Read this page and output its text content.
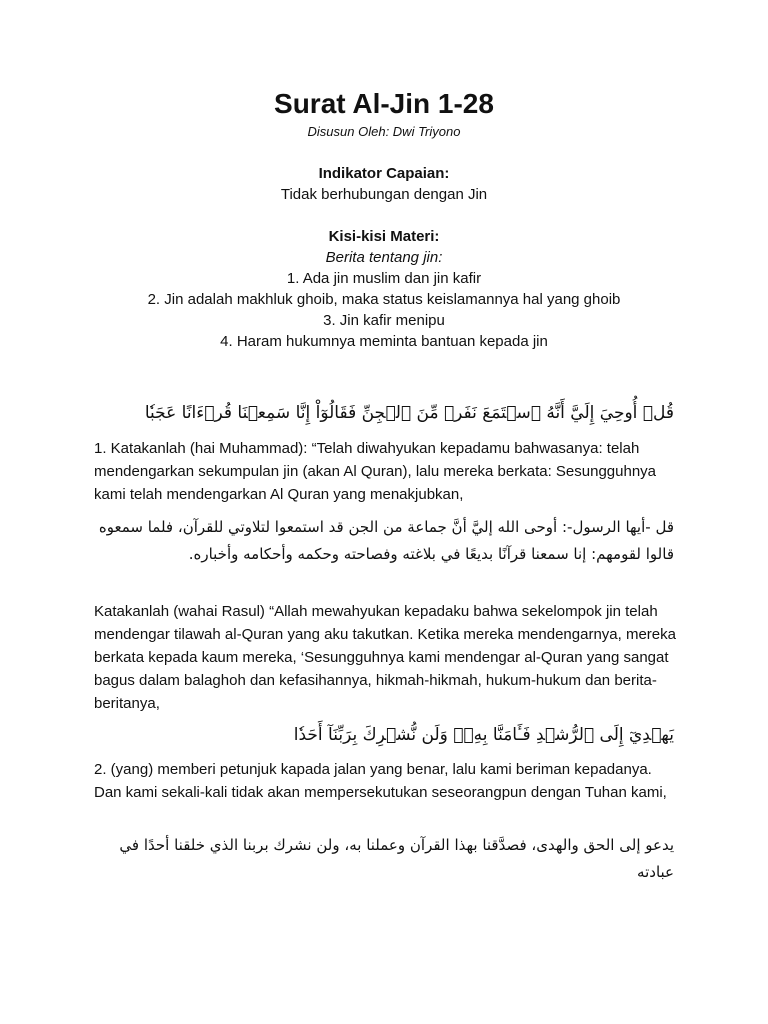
Surat Al-Jin 1-28
Disusun Oleh: Dwi Triyono
Indikator Capaian:
Tidak berhubungan dengan Jin
Kisi-kisi Materi:
Berita tentang jin:
1. Ada jin muslim dan jin kafir
2. Jin adalah makhluk ghoib, maka status keislamannya hal yang ghoib
3. Jin kafir menipu
4. Haram hukumnya meminta bantuan kepada jin
قُلۡ أُوحِيَ إِلَيَّ أَنَّهُ ٱسۡتَمَعَ نَفَرٞ مِّنَ ٱلۡجِنِّ فَقَالُوٓاْ إِنَّا سَمِعۡنَا قُرۡءَانًا عَجَبٗا
1. Katakanlah (hai Muhammad): “Telah diwahyukan kepadamu bahwasanya: telah mendengarkan sekumpulan jin (akan Al Quran), lalu mereka berkata: Sesungguhnya kami telah mendengarkan Al Quran yang menakjubkan,
قل -أيها الرسول-: أوحى الله إليَّ أنَّ جماعة من الجن قد استمعوا لتلاوتي للقرآن، فلما سمعوه قالوا لقومهم: إنا سمعنا قرآنًا بديعًا في بلاغته وفصاحته وحكمه وأحكامه وأخباره.
Katakanlah (wahai Rasul) “Allah mewahyukan kepadaku bahwa sekelompok jin telah mendengar tilawah al-Quran yang aku takutkan. Ketika mereka mendengarnya, mereka berkata kepada kaum mereka, ‘Sesungguhnya kami mendengar al-Quran yang sangat bagus dalam balaghoh dan kefasihannya, hikmah-hikmah, hukum-hukum dan berita-beritanya,
يَهۡدِيٓ إِلَى ٱلرُّشۡدِ فَـَٔامَنَّا بِهِۦۖ وَلَن نُّشۡرِكَ بِرَبِّنَآ أَحَدٗا
2. (yang) memberi petunjuk kapada jalan yang benar, lalu kami beriman kepadanya. Dan kami sekali-kali tidak akan mempersekutukan seseorangpun dengan Tuhan kami,
يدعو إلى الحق والهدى، فصدَّقنا بهذا القرآن وعملنا به، ولن نشرك بربنا الذي خلقنا أحدًا في عبادته
